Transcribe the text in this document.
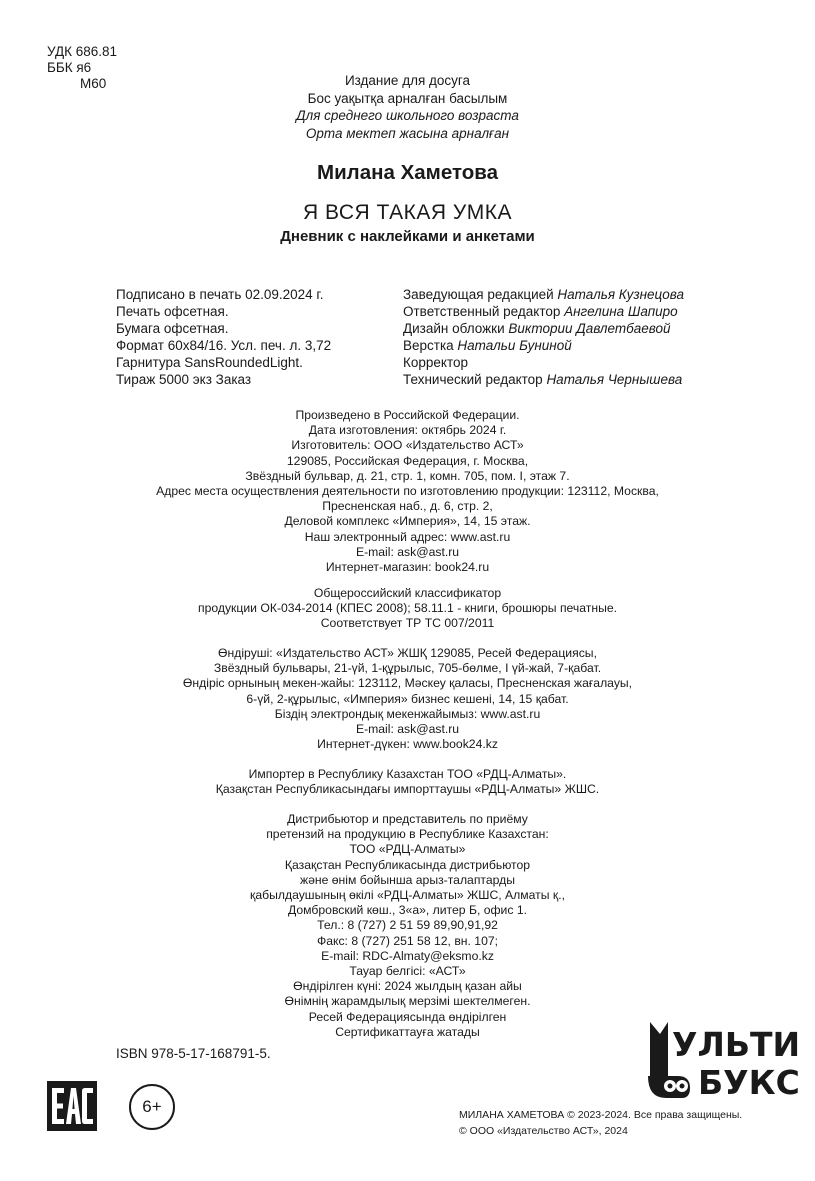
УДК 686.81
ББК я6
М60	Издание для досуга
Бос уақытқа арналған басылым
Для среднего школьного возраста
Орта мектеп жасына арналған
Милана Хаметова
Я ВСЯ ТАКАЯ УМКА
Дневник с наклейками и анкетами
Подписано в печать 02.09.2024 г.
Печать офсетная.
Бумага офсетная.
Формат 60х84/16. Усл. печ. л. 3,72
Гарнитура SansRoundedLight.
Тираж 5000 экз Заказ
Заведующая редакцией Наталья Кузнецова
Ответственный редактор Ангелина Шапиро
Дизайн обложки Виктории Давлетбаевой
Верстка Натальи Буниной
Корректор
Технический редактор Наталья Чернышева
Произведено в Российской Федерации.
Дата изготовления: октябрь 2024 г.
Изготовитель: ООО «Издательство АСТ»
129085, Российская Федерация, г. Москва,
Звёздный бульвар, д. 21, стр. 1, комн. 705, пом. I, этаж 7.
Адрес места осуществления деятельности по изготовлению продукции: 123112, Москва,
Пресненская наб., д. 6, стр. 2,
Деловой комплекс «Империя», 14, 15 этаж.
Наш электронный адрес: www.ast.ru
E-mail: ask@ast.ru
Интернет-магазин: book24.ru
Общероссийский классификатор
продукции ОК-034-2014 (КПЕС 2008); 58.11.1 - книги, брошюры печатные.
Соответствует ТР ТС 007/2011
Өндіруші: «Издательство АСТ» ЖШҚ 129085, Ресей Федерациясы,
Звёздный бульвары, 21-үй, 1-құрылыс, 705-бөлме, I үй-жай, 7-қабат.
Өндіріс орнының мекен-жайы: 123112, Мәскеу қаласы, Пресненская жағалауы,
6-үй, 2-құрылыс, «Империя» бизнес кешені, 14, 15 қабат.
Біздің электрондық мекенжайымыз: www.ast.ru
E-mail: ask@ast.ru
Интернет-дүкен: www.book24.kz
Импортер в Республику Казахстан ТОО «РДЦ-Алматы».
Қазақстан Республикасындағы импорттаушы «РДЦ-Алматы» ЖШС.
Дистрибьютор и представитель по приёму
претензий на продукцию в Республике Казахстан:
ТОО «РДЦ-Алматы»
Қазақстан Республикасында дистрибьютор
және өнім бойынша арыз-талаптарды
қабылдаушының өкілі «РДЦ-Алматы» ЖШС, Алматы қ.,
Домбровский көш., 3«а», литер Б, офис 1.
Тел.: 8 (727) 2 51 59 89,90,91,92
Факс: 8 (727) 251 58 12, вн. 107;
E-mail: RDC-Almaty@eksmo.kz
Тауар белгісі: «АСТ»
Өндірілген күні: 2024 жылдың қазан айы
Өнімнің жарамдылық мерзімі шектелмеген.
Ресей Федерациясында өндірілген
Сертификаттауға жатады
ISBN 978-5-17-168791-5.
6+	МИЛАНА ХАМЕТОВА © 2023-2024. Все права защищены.
© ООО «Издательство АСТ», 2024
УЛЬТИ
БУКС
